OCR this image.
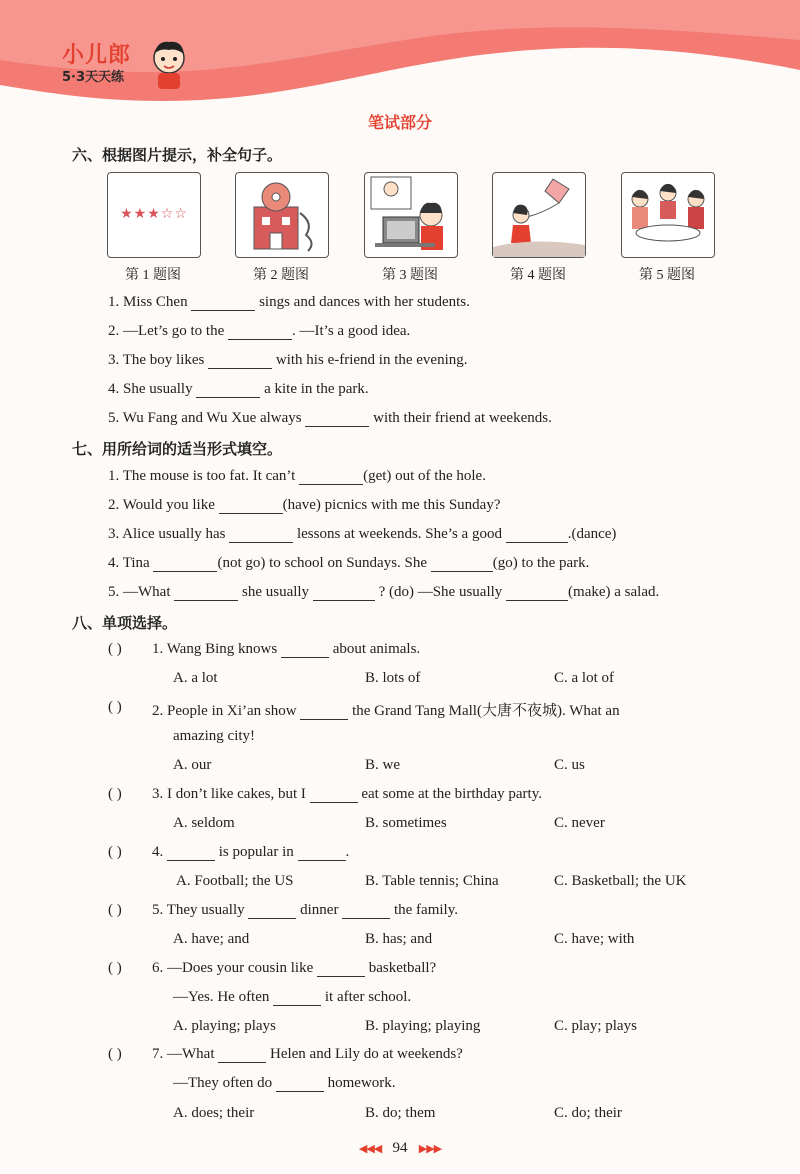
小儿郎
5·3天天练
笔试部分
六、根据图片提示，补全句子。
★★★☆☆
第 1 题图	第 2 题图	第 3 题图	第 4 题图	第 5 题图
1. Miss Chen	sings and dances with her students.
2. —Let’s go to the	. —It’s a good idea.
3. The boy likes	with his e-friend in the evening.
4. She usually	a kite in the park.
5. Wu Fang and Wu Xue always	with their friend at weekends.
七、用所给词的适当形式填空。
1. The mouse is too fat. It can’t	(get) out of the hole.
2. Would you like	(have) picnics with me this Sunday?
3. Alice usually has	lessons at weekends. She’s a good	.(dance)
4. Tina	(not go) to school on Sundays. She	(go) to the park.
5. —What	she usually	? (do) —She usually	(make) a salad.
八、单项选择。
( ) 1. Wang Bing knows	about animals.
A. a lot	B. lots of	C. a lot of
( ) 2. People in Xi’an show	the Grand Tang Mall(大唐不夜城). What an
amazing city!
A. our	B. we	C. us
( ) 3. I don’t like cakes, but I	eat some at the birthday party.
A. seldom	B. sometimes	C. never
( ) 4.	is popular in	.
A. Football; the US	B. Table tennis; China	C. Basketball; the UK
( ) 5. They usually	dinner	the family.
A. have; and	B. has; and	C. have; with
( ) 6. —Does your cousin like	basketball?
—Yes. He often	it after school.
A. playing; plays	B. playing; playing	C. play; plays
( ) 7. —What	Helen and Lily do at weekends?
—They often do	homework.
A. does; their	B. do; them	C. do; their
◀◀◀ 94 ▶▶▶
